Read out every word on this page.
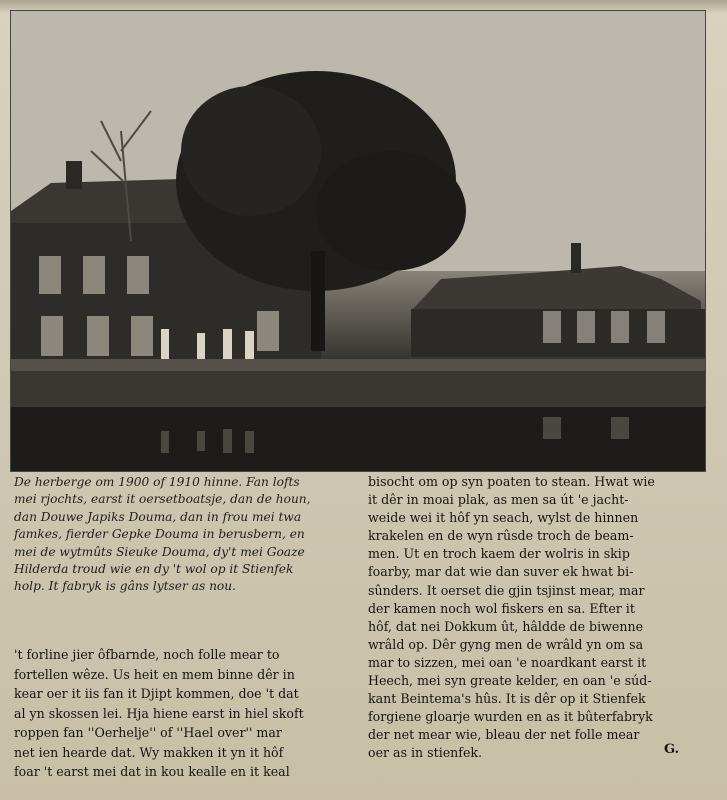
De herberge om 1900 of 1910 hinne. Fan lofts
mei rjochts, earst it oersetboatsje, dan de houn,
dan Douwe Japiks Douma, dan in frou mei twa
famkes, fierder Gepke Douma in berusbern, en
mei de wytmûts Sieuke Douma, dy't mei Goaze
Hilderda troud wie en dy 't wol op it Stienfek
holp. It fabryk is gâns lytser as nou.
't forline jier ôfbarnde, noch folle mear to
fortellen wêze. Us heit en mem binne dêr in
kear oer it iis fan it Djipt kommen, doe 't dat
al yn skossen lei. Hja hiene earst in hiel skoft
roppen fan ''Oerhelje'' of ''Hael over'' mar
net ien hearde dat. Wy makken it yn it hôf
foar 't earst mei dat in kou kealle en it keal
bisocht om op syn poaten to stean. Hwat wie
it dêr in moai plak, as men sa út 'e jacht-
weide wei it hôf yn seach, wylst de hinnen
krakelen en de wyn rûsde troch de beam-
men. Ut en troch kaem der wolris in skip
foarby, mar dat wie dan suver ek hwat bi-
sûnders. It oerset die gjin tsjinst mear, mar
der kamen noch wol fiskers en sa. Efter it
hôf, dat nei Dokkum ût, hâldde de biwenne
wrâld op. Dêr gyng men de wrâld yn om sa
mar to sizzen, mei oan 'e noardkant earst it
Heech, mei syn greate kelder, en oan 'e súd-
kant Beintema's hûs. It is dêr op it Stienfek
forgiene gloarje wurden en as it bûterfabryk
der net mear wie, bleau der net folle mear
oer as in stienfek.	G.
